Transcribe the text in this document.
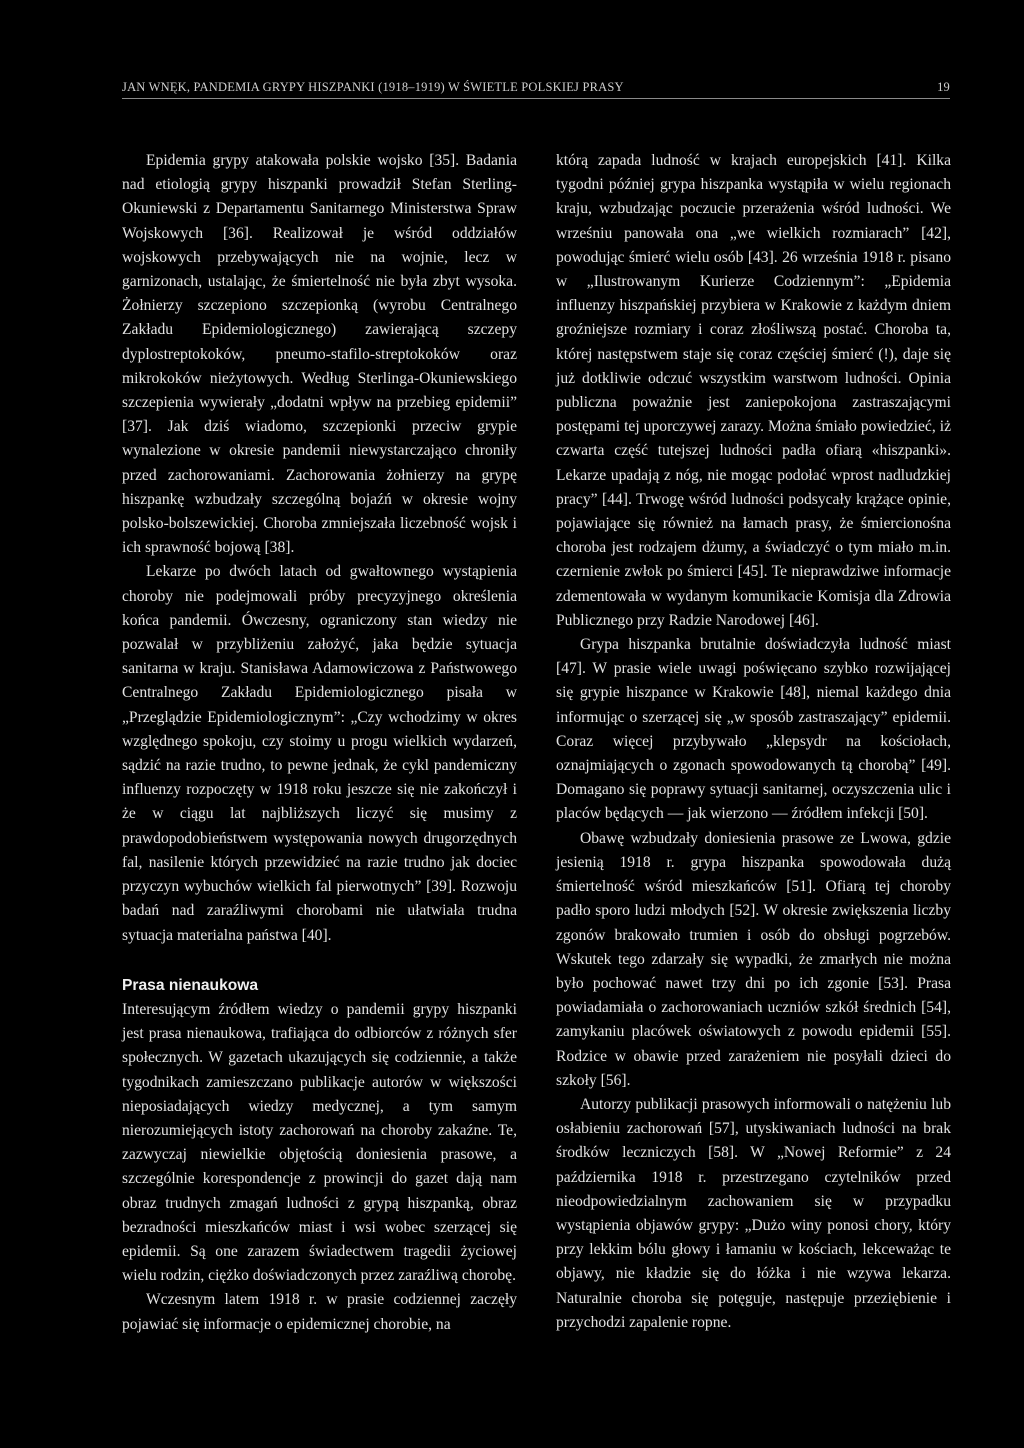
JAN WNĘK, PANDEMIA GRYPY HISZPANKI (1918–1919) W ŚWIETLE POLSKIEJ PRASY	19

Epidemia grypy atakowała polskie wojsko [35]. Badania nad etiologią grypy hiszpanki prowadził Stefan Sterling-Okuniewski z Departamentu Sanitarnego Ministerstwa Spraw Wojskowych [36]. Realizował je wśród oddziałów wojskowych przebywających nie na wojnie, lecz w garnizonach, ustalając, że śmiertelność nie była zbyt wysoka. Żołnierzy szczepiono szczepionką (wyrobu Centralnego Zakładu Epidemiologicznego) zawierającą szczepy dyplostreptokoków, pneumo-stafilo-streptokoków oraz mikrokoków nieżytowych. Według Sterlinga-Okuniewskiego szczepienia wywierały „dodatni wpływ na przebieg epidemii” [37]. Jak dziś wiadomo, szczepionki przeciw grypie wynalezione w okresie pandemii niewystarczająco chroniły przed zachorowaniami. Zachorowania żołnierzy na grypę hiszpankę wzbudzały szczególną bojaźń w okresie wojny polsko-bolszewickiej. Choroba zmniejszała liczebność wojsk i ich sprawność bojową [38].

Lekarze po dwóch latach od gwałtownego wystąpienia choroby nie podejmowali próby precyzyjnego określenia końca pandemii. Ówczesny, ograniczony stan wiedzy nie pozwalał w przybliżeniu założyć, jaka będzie sytuacja sanitarna w kraju. Stanisława Adamowiczowa z Państwowego Centralnego Zakładu Epidemiologicznego pisała w „Przeglądzie Epidemiologicznym”: „Czy wchodzimy w okres względnego spokoju, czy stoimy u progu wielkich wydarzeń, sądzić na razie trudno, to pewne jednak, że cykl pandemiczny influenzy rozpoczęty w 1918 roku jeszcze się nie zakończył i że w ciągu lat najbliższych liczyć się musimy z prawdopodobieństwem występowania nowych drugorzędnych fal, nasilenie których przewidzieć na razie trudno jak dociec przyczyn wybuchów wielkich fal pierwotnych” [39]. Rozwoju badań nad zaraźliwymi chorobami nie ułatwiała trudna sytuacja materialna państwa [40].

Prasa nienaukowa

Interesującym źródłem wiedzy o pandemii grypy hiszpanki jest prasa nienaukowa, trafiająca do odbiorców z różnych sfer społecznych. W gazetach ukazujących się codziennie, a także tygodnikach zamieszczano publikacje autorów w większości nieposiadających wiedzy medycznej, a tym samym nierozumiejących istoty zachorowań na choroby zakaźne. Te, zazwyczaj niewielkie objętością doniesienia prasowe, a szczególnie korespondencje z prowincji do gazet dają nam obraz trudnych zmagań ludności z grypą hiszpanką, obraz bezradności mieszkańców miast i wsi wobec szerzącej się epidemii. Są one zarazem świadectwem tragedii życiowej wielu rodzin, ciężko doświadczonych przez zaraźliwą chorobę.

Wczesnym latem 1918 r. w prasie codziennej zaczęły pojawiać się informacje o epidemicznej chorobie, na

którą zapada ludność w krajach europejskich [41]. Kilka tygodni później grypa hiszpanka wystąpiła w wielu regionach kraju, wzbudzając poczucie przerażenia wśród ludności. We wrześniu panowała ona „we wielkich rozmiarach” [42], powodując śmierć wielu osób [43]. 26 września 1918 r. pisano w „Ilustrowanym Kurierze Codziennym”: „Epidemia influenzy hiszpańskiej przybiera w Krakowie z każdym dniem groźniejsze rozmiary i coraz złośliwszą postać. Choroba ta, której następstwem staje się coraz częściej śmierć (!), daje się już dotkliwie odczuć wszystkim warstwom ludności. Opinia publiczna poważnie jest zaniepokojona zastraszającymi postępami tej uporczywej zarazy. Można śmiało powiedzieć, iż czwarta część tutejszej ludności padła ofiarą «hiszpanki». Lekarze upadają z nóg, nie mogąc podołać wprost nadludzkiej pracy” [44]. Trwogę wśród ludności podsycały krążące opinie, pojawiające się również na łamach prasy, że śmiercionośna choroba jest rodzajem dżumy, a świadczyć o tym miało m.in. czernienie zwłok po śmierci [45]. Te nieprawdziwe informacje zdementowała w wydanym komunikacie Komisja dla Zdrowia Publicznego przy Radzie Narodowej [46].

Grypa hiszpanka brutalnie doświadczyła ludność miast [47]. W prasie wiele uwagi poświęcano szybko rozwijającej się grypie hiszpance w Krakowie [48], niemal każdego dnia informując o szerzącej się „w sposób zastraszający” epidemii. Coraz więcej przybywało „klepsydr na kościołach, oznajmiających o zgonach spowodowanych tą chorobą” [49]. Domagano się poprawy sytuacji sanitarnej, oczyszczenia ulic i placów będących — jak wierzono — źródłem infekcji [50].

Obawę wzbudzały doniesienia prasowe ze Lwowa, gdzie jesienią 1918 r. grypa hiszpanka spowodowała dużą śmiertelność wśród mieszkańców [51]. Ofiarą tej choroby padło sporo ludzi młodych [52]. W okresie zwiększenia liczby zgonów brakowało trumien i osób do obsługi pogrzebów. Wskutek tego zdarzały się wypadki, że zmarłych nie można było pochować nawet trzy dni po ich zgonie [53]. Prasa powiadamiała o zachorowaniach uczniów szkół średnich [54], zamykaniu placówek oświatowych z powodu epidemii [55]. Rodzice w obawie przed zarażeniem nie posyłali dzieci do szkoły [56].

Autorzy publikacji prasowych informowali o natężeniu lub osłabieniu zachorowań [57], utyskiwaniach ludności na brak środków leczniczych [58]. W „Nowej Reformie” z 24 października 1918 r. przestrzegano czytelników przed nieodpowiedzialnym zachowaniem się w przypadku wystąpienia objawów grypy: „Dużo winy ponosi chory, który przy lekkim bólu głowy i łamaniu w kościach, lekceważąc te objawy, nie kładzie się do łóżka i nie wzywa lekarza. Naturalnie choroba się potęguje, następuje przeziębienie i przychodzi zapalenie ropne.
